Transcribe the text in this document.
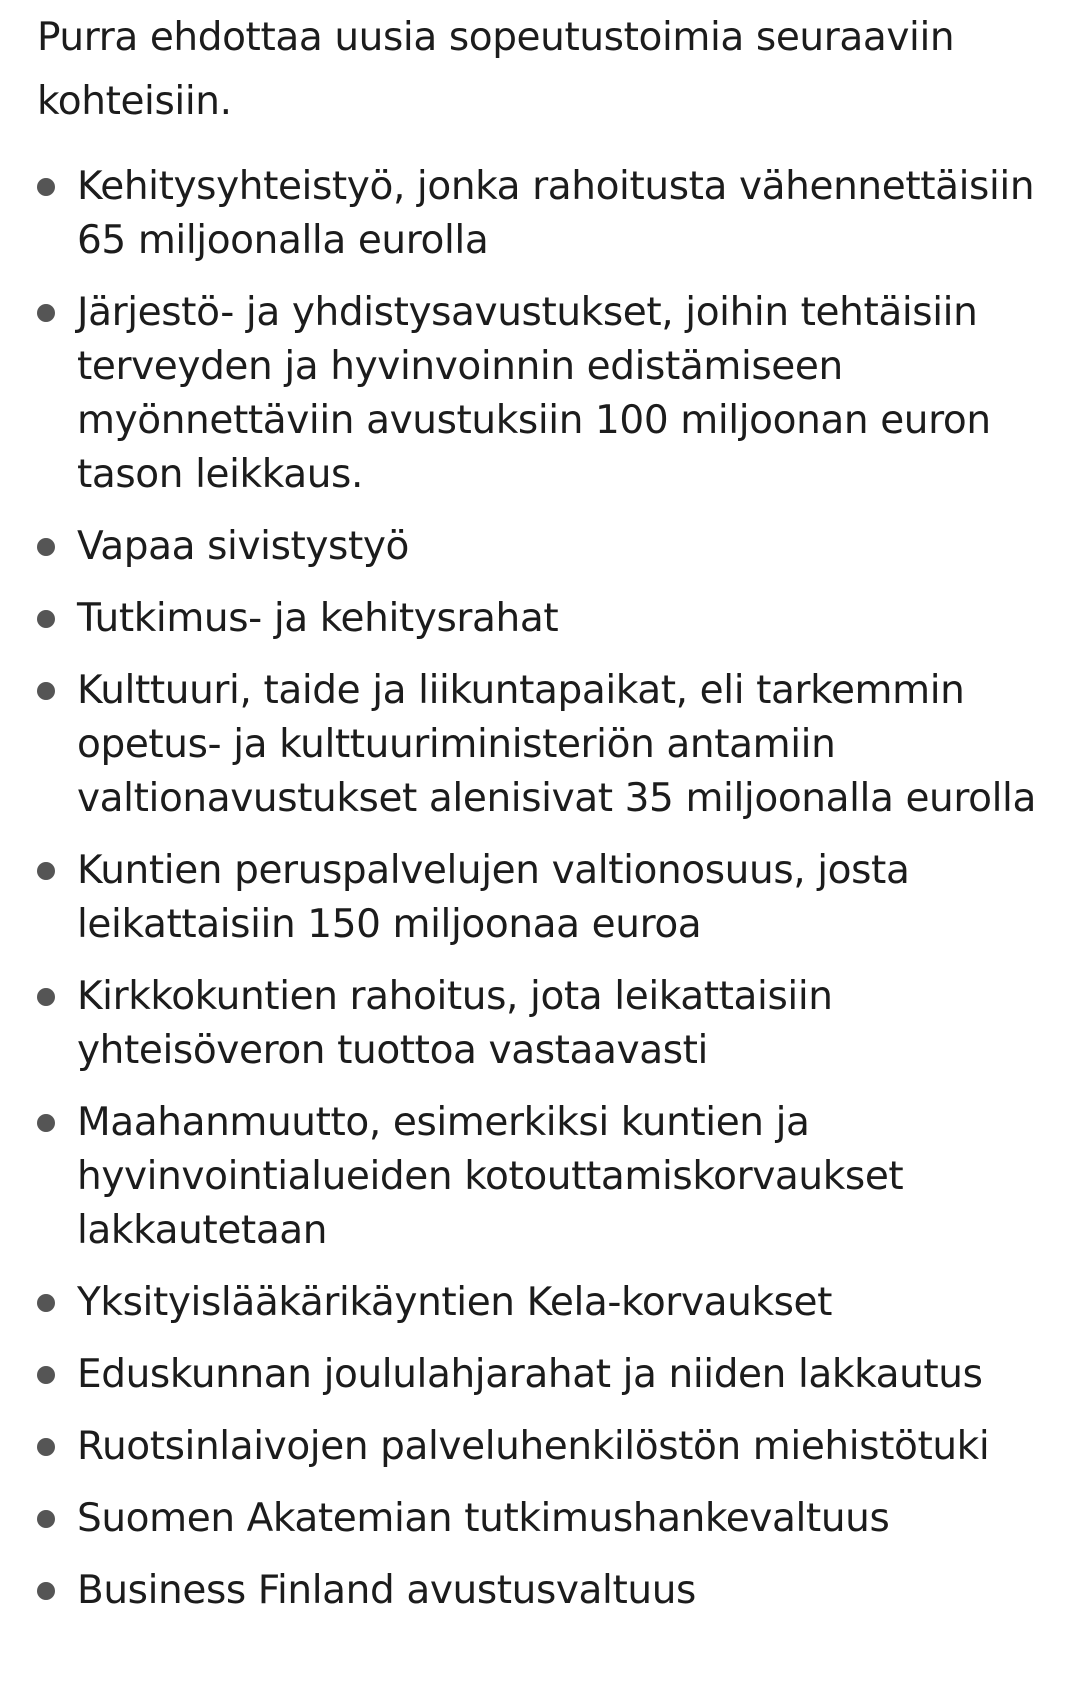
Purra ehdottaa uusia sopeutustoimia seuraaviin kohteisiin.

Kehitysyhteistyö, jonka rahoitusta vähennettäisiin 65 miljoonalla eurolla
Järjestö- ja yhdistysavustukset, joihin tehtäisiin terveyden ja hyvinvoinnin edistämiseen myönnettäviin avustuksiin 100 miljoonan euron tason leikkaus.
Vapaa sivistystyö
Tutkimus- ja kehitysrahat
Kulttuuri, taide ja liikuntapaikat, eli tarkemmin opetus- ja kulttuuriministeriön antamiin valtionavustukset alenisivat 35 miljoonalla eurolla
Kuntien peruspalvelujen valtionosuus, josta leikattaisiin 150 miljoonaa euroa
Kirkkokuntien rahoitus, jota leikattaisiin yhteisöveron tuottoa vastaavasti
Maahanmuutto, esimerkiksi kuntien ja hyvinvointialueiden kotouttamiskorvaukset lakkautetaan
Yksityislääkärikäyntien Kela-korvaukset
Eduskunnan joululahjarahat ja niiden lakkautus
Ruotsinlaivojen palveluhenkilöstön miehistötuki
Suomen Akatemian tutkimushankevaltuus
Business Finland avustusvaltuus
